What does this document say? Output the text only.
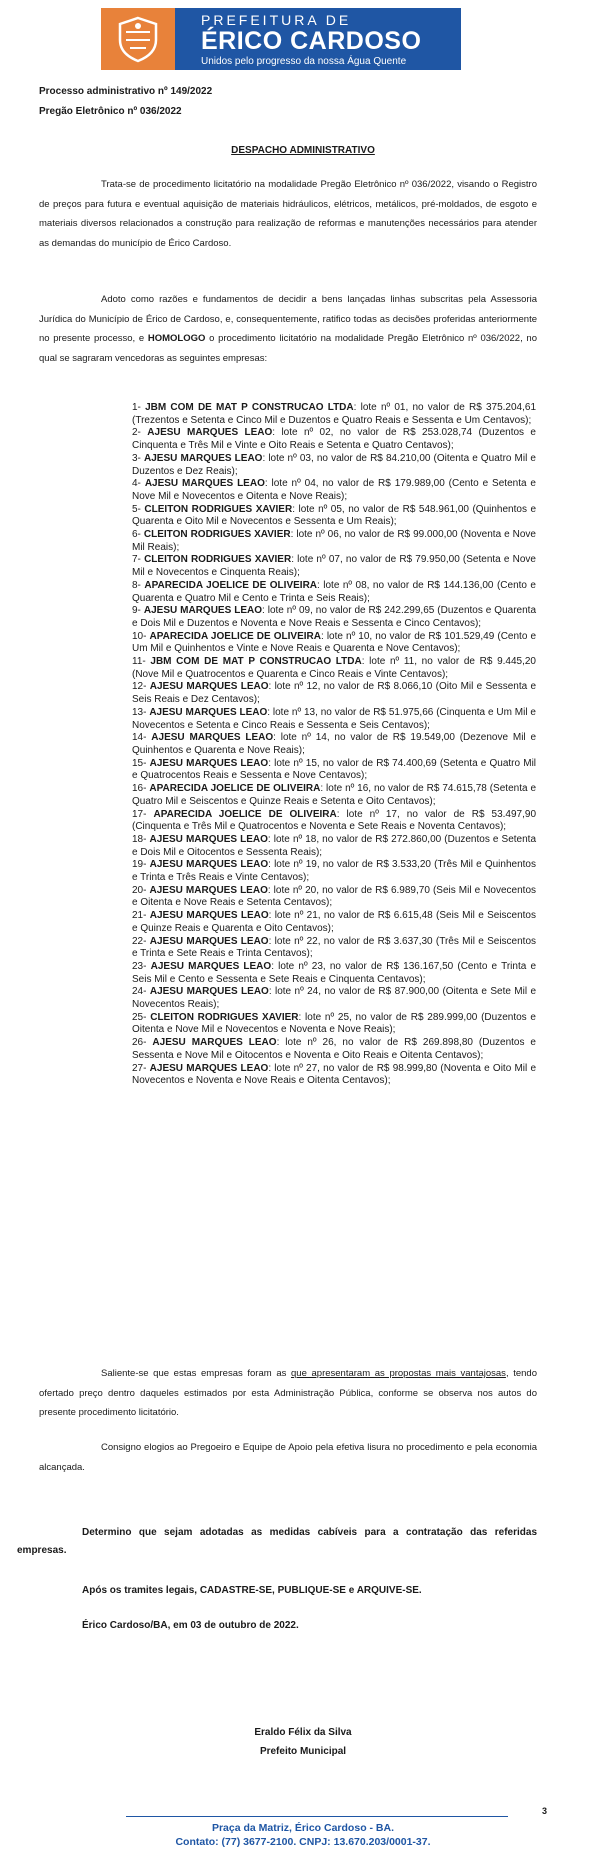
PREFEITURA DE
ÉRICO CARDOSO
Unidos pelo progresso da nossa Água Quente
Processo administrativo nº 149/2022
Pregão Eletrônico nº 036/2022
DESPACHO ADMINISTRATIVO

Trata-se de procedimento licitatório na modalidade Pregão Eletrônico nº 036/2022, visando o Registro de preços para futura e eventual aquisição de materiais hidráulicos, elétricos, metálicos, pré-moldados, de esgoto e materiais diversos relacionados a construção para realização de reformas e manutenções necessários para atender as demandas do município de Érico Cardoso.

Adoto como razões e fundamentos de decidir a bens lançadas linhas subscritas pela Assessoria Jurídica do Município de Érico de Cardoso, e, consequentemente, ratifico todas as decisões proferidas anteriormente no presente processo, e HOMOLOGO o procedimento licitatório na modalidade Pregão Eletrônico nº 036/2022, no qual se sagraram vencedoras as seguintes empresas:

1- JBM COM DE MAT P CONSTRUCAO LTDA: lote nº 01, no valor de R$ 375.204,61 (Trezentos e Setenta e Cinco Mil e Duzentos e Quatro Reais e Sessenta e Um Centavos);
2- AJESU MARQUES LEAO: lote nº 02, no valor de R$ 253.028,74 (Duzentos e Cinquenta e Três Mil e Vinte e Oito Reais e Setenta e Quatro Centavos);
3- AJESU MARQUES LEAO: lote nº 03, no valor de R$ 84.210,00 (Oitenta e Quatro Mil e Duzentos e Dez Reais);
4- AJESU MARQUES LEAO: lote nº 04, no valor de R$ 179.989,00 (Cento e Setenta e Nove Mil e Novecentos e Oitenta e Nove Reais);
5- CLEITON RODRIGUES XAVIER: lote nº 05, no valor de R$ 548.961,00 (Quinhentos e Quarenta e Oito Mil e Novecentos e Sessenta e Um Reais);
6- CLEITON RODRIGUES XAVIER: lote nº 06, no valor de R$ 99.000,00 (Noventa e Nove Mil Reais);
7- CLEITON RODRIGUES XAVIER: lote nº 07, no valor de R$ 79.950,00 (Setenta e Nove Mil e Novecentos e Cinquenta Reais);
8- APARECIDA JOELICE DE OLIVEIRA: lote nº 08, no valor de R$ 144.136,00 (Cento e Quarenta e Quatro Mil e Cento e Trinta e Seis Reais);
9- AJESU MARQUES LEAO: lote nº 09, no valor de R$ 242.299,65 (Duzentos e Quarenta e Dois Mil e Duzentos e Noventa e Nove Reais e Sessenta e Cinco Centavos);
10- APARECIDA JOELICE DE OLIVEIRA: lote nº 10, no valor de R$ 101.529,49 (Cento e Um Mil e Quinhentos e Vinte e Nove Reais e Quarenta e Nove Centavos);
11- JBM COM DE MAT P CONSTRUCAO LTDA: lote nº 11, no valor de R$ 9.445,20 (Nove Mil e Quatrocentos e Quarenta e Cinco Reais e Vinte Centavos);
12- AJESU MARQUES LEAO: lote nº 12, no valor de R$ 8.066,10 (Oito Mil e Sessenta e Seis Reais e Dez Centavos);
13- AJESU MARQUES LEAO: lote nº 13, no valor de R$ 51.975,66 (Cinquenta e Um Mil e Novecentos e Setenta e Cinco Reais e Sessenta e Seis Centavos);
14- AJESU MARQUES LEAO: lote nº 14, no valor de R$ 19.549,00 (Dezenove Mil e Quinhentos e Quarenta e Nove Reais);
15- AJESU MARQUES LEAO: lote nº 15, no valor de R$ 74.400,69 (Setenta e Quatro Mil e Quatrocentos Reais e Sessenta e Nove Centavos);
16- APARECIDA JOELICE DE OLIVEIRA: lote nº 16, no valor de R$ 74.615,78 (Setenta e Quatro Mil e Seiscentos e Quinze Reais e Setenta e Oito Centavos);
17- APARECIDA JOELICE DE OLIVEIRA: lote nº 17, no valor de R$ 53.497,90 (Cinquenta e Três Mil e Quatrocentos e Noventa e Sete Reais e Noventa Centavos);
18- AJESU MARQUES LEAO: lote nº 18, no valor de R$ 272.860,00 (Duzentos e Setenta e Dois Mil e Oitocentos e Sessenta Reais);
19- AJESU MARQUES LEAO: lote nº 19, no valor de R$ 3.533,20 (Três Mil e Quinhentos e Trinta e Três Reais e Vinte Centavos);
20- AJESU MARQUES LEAO: lote nº 20, no valor de R$ 6.989,70 (Seis Mil e Novecentos e Oitenta e Nove Reais e Setenta Centavos);
21- AJESU MARQUES LEAO: lote nº 21, no valor de R$ 6.615,48 (Seis Mil e Seiscentos e Quinze Reais e Quarenta e Oito Centavos);
22- AJESU MARQUES LEAO: lote nº 22, no valor de R$ 3.637,30 (Três Mil e Seiscentos e Trinta e Sete Reais e Trinta Centavos);
23- AJESU MARQUES LEAO: lote nº 23, no valor de R$ 136.167,50 (Cento e Trinta e Seis Mil e Cento e Sessenta e Sete Reais e Cinquenta Centavos);
24- AJESU MARQUES LEAO: lote nº 24, no valor de R$ 87.900,00 (Oitenta e Sete Mil e Novecentos Reais);
25- CLEITON RODRIGUES XAVIER: lote nº 25, no valor de R$ 289.999,00 (Duzentos e Oitenta e Nove Mil e Novecentos e Noventa e Nove Reais);
26- AJESU MARQUES LEAO: lote nº 26, no valor de R$ 269.898,80 (Duzentos e Sessenta e Nove Mil e Oitocentos e Noventa e Oito Reais e Oitenta Centavos);
27- AJESU MARQUES LEAO: lote nº 27, no valor de R$ 98.999,80 (Noventa e Oito Mil e Novecentos e Noventa e Nove Reais e Oitenta Centavos);

Saliente-se que estas empresas foram as que apresentaram as propostas mais vantajosas, tendo ofertado preço dentro daqueles estimados por esta Administração Pública, conforme se observa nos autos do presente procedimento licitatório.

Consigno elogios ao Pregoeiro e Equipe de Apoio pela efetiva lisura no procedimento e pela economia alcançada.

Determino que sejam adotadas as medidas cabíveis para a contratação das referidas empresas.

Após os tramites legais, CADASTRE-SE, PUBLIQUE-SE e ARQUIVE-SE.

Érico Cardoso/BA, em 03 de outubro de 2022.

Eraldo Félix da Silva
Prefeito Municipal
3
Praça da Matriz, Érico Cardoso - BA.
Contato: (77) 3677-2100. CNPJ: 13.670.203/0001-37.
